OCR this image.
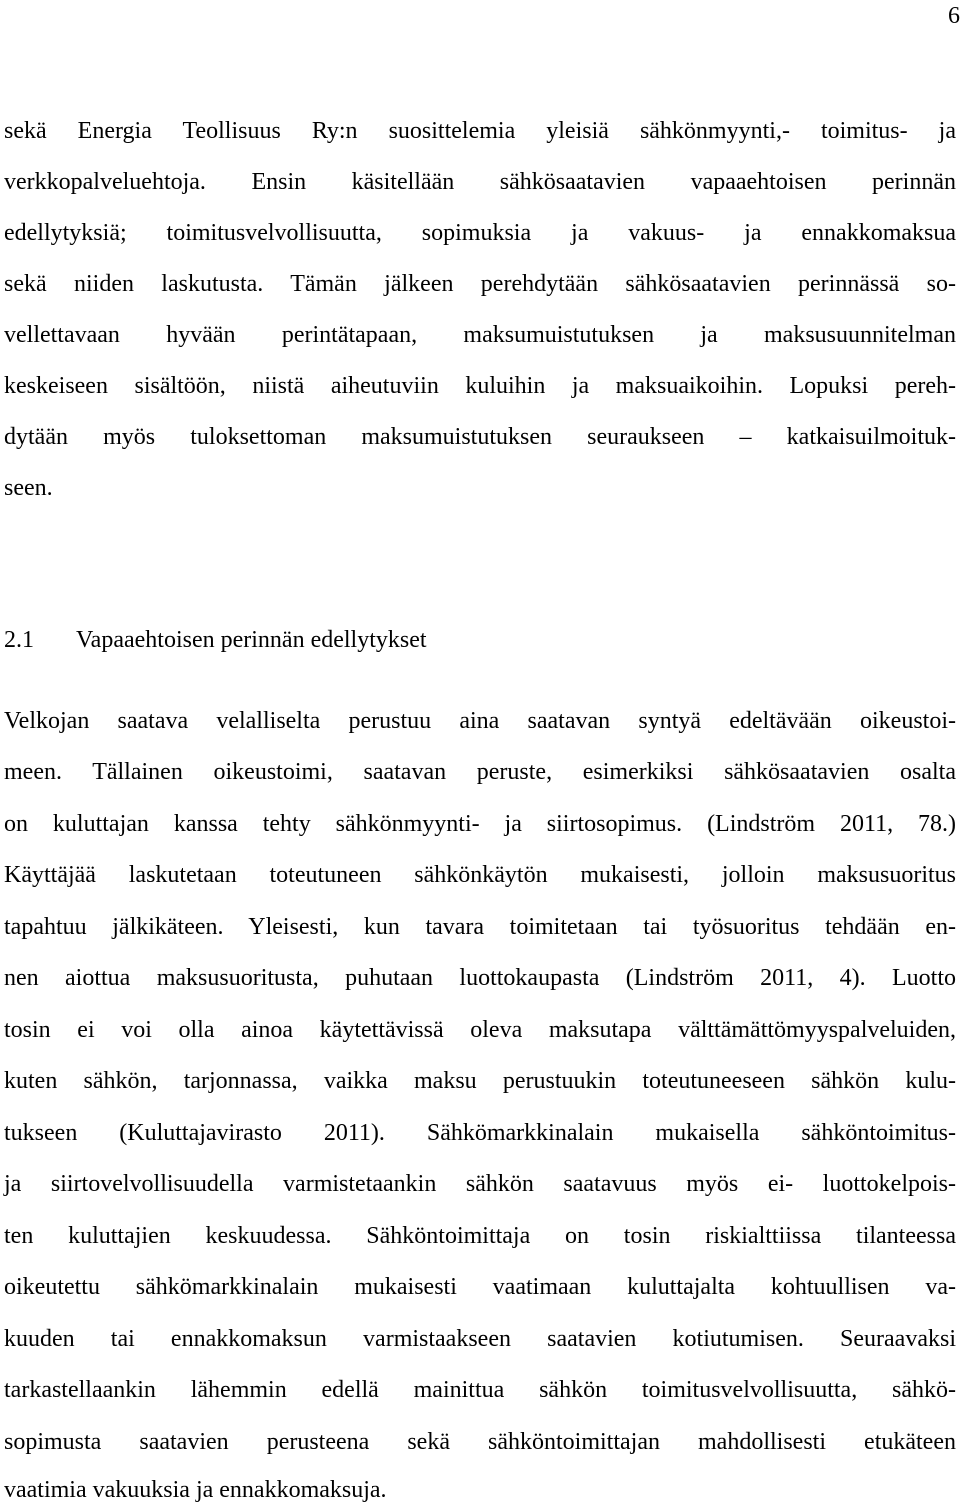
6
sekä Energia Teollisuus Ry:n suosittelemia yleisiä sähkönmyynti,- toimitus- ja
verkkopalveluehtoja. Ensin käsitellään sähkösaatavien vapaaehtoisen perinnän
edellytyksiä; toimitusvelvollisuutta, sopimuksia ja vakuus- ja ennakkomaksua
sekä niiden laskutusta. Tämän jälkeen perehdytään sähkösaatavien perinnässä so-
vellettavaan hyvään perintätapaan, maksumuistutuksen ja maksusuunnitelman
keskeiseen sisältöön, niistä aiheutuviin kuluihin ja maksuaikoihin. Lopuksi pereh-
dytään myös tuloksettoman maksumuistutuksen seuraukseen – katkaisuilmoituk-
seen.
2.1 Vapaaehtoisen perinnän edellytykset
Velkojan saatava velalliselta perustuu aina saatavan syntyä edeltävään oikeustoi-
meen. Tällainen oikeustoimi, saatavan peruste, esimerkiksi sähkösaatavien osalta
on kuluttajan kanssa tehty sähkönmyynti- ja siirtosopimus. (Lindström 2011, 78.)
Käyttäjää laskutetaan toteutuneen sähkönkäytön mukaisesti, jolloin maksusuoritus
tapahtuu jälkikäteen. Yleisesti, kun tavara toimitetaan tai työsuoritus tehdään en-
nen aiottua maksusuoritusta, puhutaan luottokaupasta (Lindström 2011, 4). Luotto
tosin ei voi olla ainoa käytettävissä oleva maksutapa välttämättömyyspalveluiden,
kuten sähkön, tarjonnassa, vaikka maksu perustuukin toteutuneeseen sähkön kulu-
tukseen (Kuluttajavirasto 2011). Sähkömarkkinalain mukaisella sähköntoimitus-
ja siirtovelvollisuudella varmistetaankin sähkön saatavuus myös ei- luottokelpois-
ten kuluttajien keskuudessa. Sähköntoimittaja on tosin riskialttiissa tilanteessa
oikeutettu sähkömarkkinalain mukaisesti vaatimaan kuluttajalta kohtuullisen va-
kuuden tai ennakkomaksun varmistaakseen saatavien kotiutumisen. Seuraavaksi
tarkastellaankin lähemmin edellä mainittua sähkön toimitusvelvollisuutta, sähkö-
sopimusta saatavien perusteena sekä sähköntoimittajan mahdollisesti etukäteen
vaatimia vakuuksia ja ennakkomaksuja.
